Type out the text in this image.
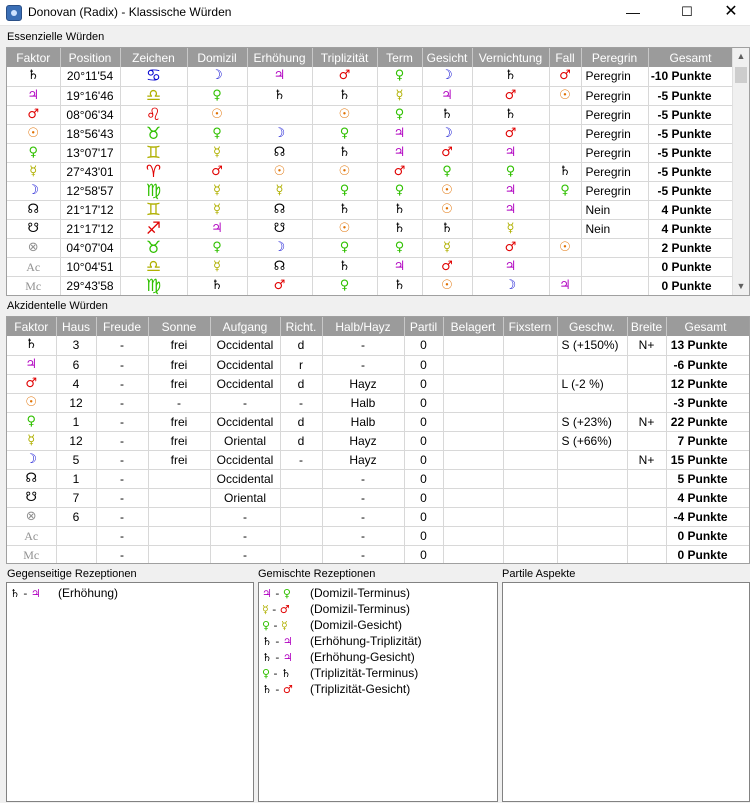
Donovan (Radix) - Klassische Würden	—	☐	✕
Essenzielle Würden
Faktor	Position	Zeichen	Domizil	Erhöhung	Triplizität	Term	Gesicht	Vernichtung	Fall	Peregrin	Gesamt
♄	20°11'54	♋	☽	♃	♂	♀	☽	♄	♂	Peregrin	-10 Punkte
♃	19°16'46	♎	♀	♄	♄	☿	♃	♂	☉	Peregrin	-5 Punkte
♂	08°06'34	♌	☉		☉	♀	♄	♄		Peregrin	-5 Punkte
☉	18°56'43	♉	♀	☽	♀	♃	☽	♂		Peregrin	-5 Punkte
♀	13°07'17	♊	☿	☊	♄	♃	♂	♃		Peregrin	-5 Punkte
☿	27°43'01	♈	♂	☉	☉	♂	♀	♀	♄	Peregrin	-5 Punkte
☽	12°58'57	♍	☿	☿	♀	♀	☉	♃	♀	Peregrin	-5 Punkte
☊	21°17'12	♊	☿	☊	♄	♄	☉	♃		Nein	4 Punkte
☋	21°17'12	♐	♃	☋	☉	♄	♄	☿		Nein	4 Punkte
⊗	04°07'04	♉	♀	☽	♀	♀	☿	♂	☉		2 Punkte
Ac	10°04'51	♎	☿	☊	♄	♃	♂	♃			0 Punkte
Mc	29°43'58	♍	♄	♂	♀	♄	☉	☽	♃		0 Punkte
▲
▼
Akzidentelle Würden
Faktor	Haus	Freude	Sonne	Aufgang	Richt.	Halb/Hayz	Partil	Belagert	Fixstern	Geschw.	Breite	Gesamt
♄	3	-	frei	Occidental	d	-	0			S (+150%)	N+	13 Punkte
♃	6	-	frei	Occidental	r	-	0					-6 Punkte
♂	4	-	frei	Occidental	d	Hayz	0			L (-2 %)		12 Punkte
☉	12	-	-	-	-	Halb	0					-3 Punkte
♀	1	-	frei	Occidental	d	Halb	0			S (+23%)	N+	22 Punkte
☿	12	-	frei	Oriental	d	Hayz	0			S (+66%)		7 Punkte
☽	5	-	frei	Occidental	-	Hayz	0				N+	15 Punkte
☊	1	-		Occidental		-	0					5 Punkte
☋	7	-		Oriental		-	0					4 Punkte
⊗	6	-		-		-	0					-4 Punkte
Ac		-		-		-	0					0 Punkte
Mc		-		-		-	0					0 Punkte
Gegenseitige Rezeptionen	Gemischte Rezeptionen	Partile Aspekte
♄ - ♃ (Erhöhung)	♃ - ♀ (Domizil-Terminus)
☿ - ♂ (Domizil-Terminus)
♀ - ☿ (Domizil-Gesicht)
♄ - ♃ (Erhöhung-Triplizität)
♄ - ♃ (Erhöhung-Gesicht)
♀ - ♄ (Triplizität-Terminus)
♄ - ♂ (Triplizität-Gesicht)
